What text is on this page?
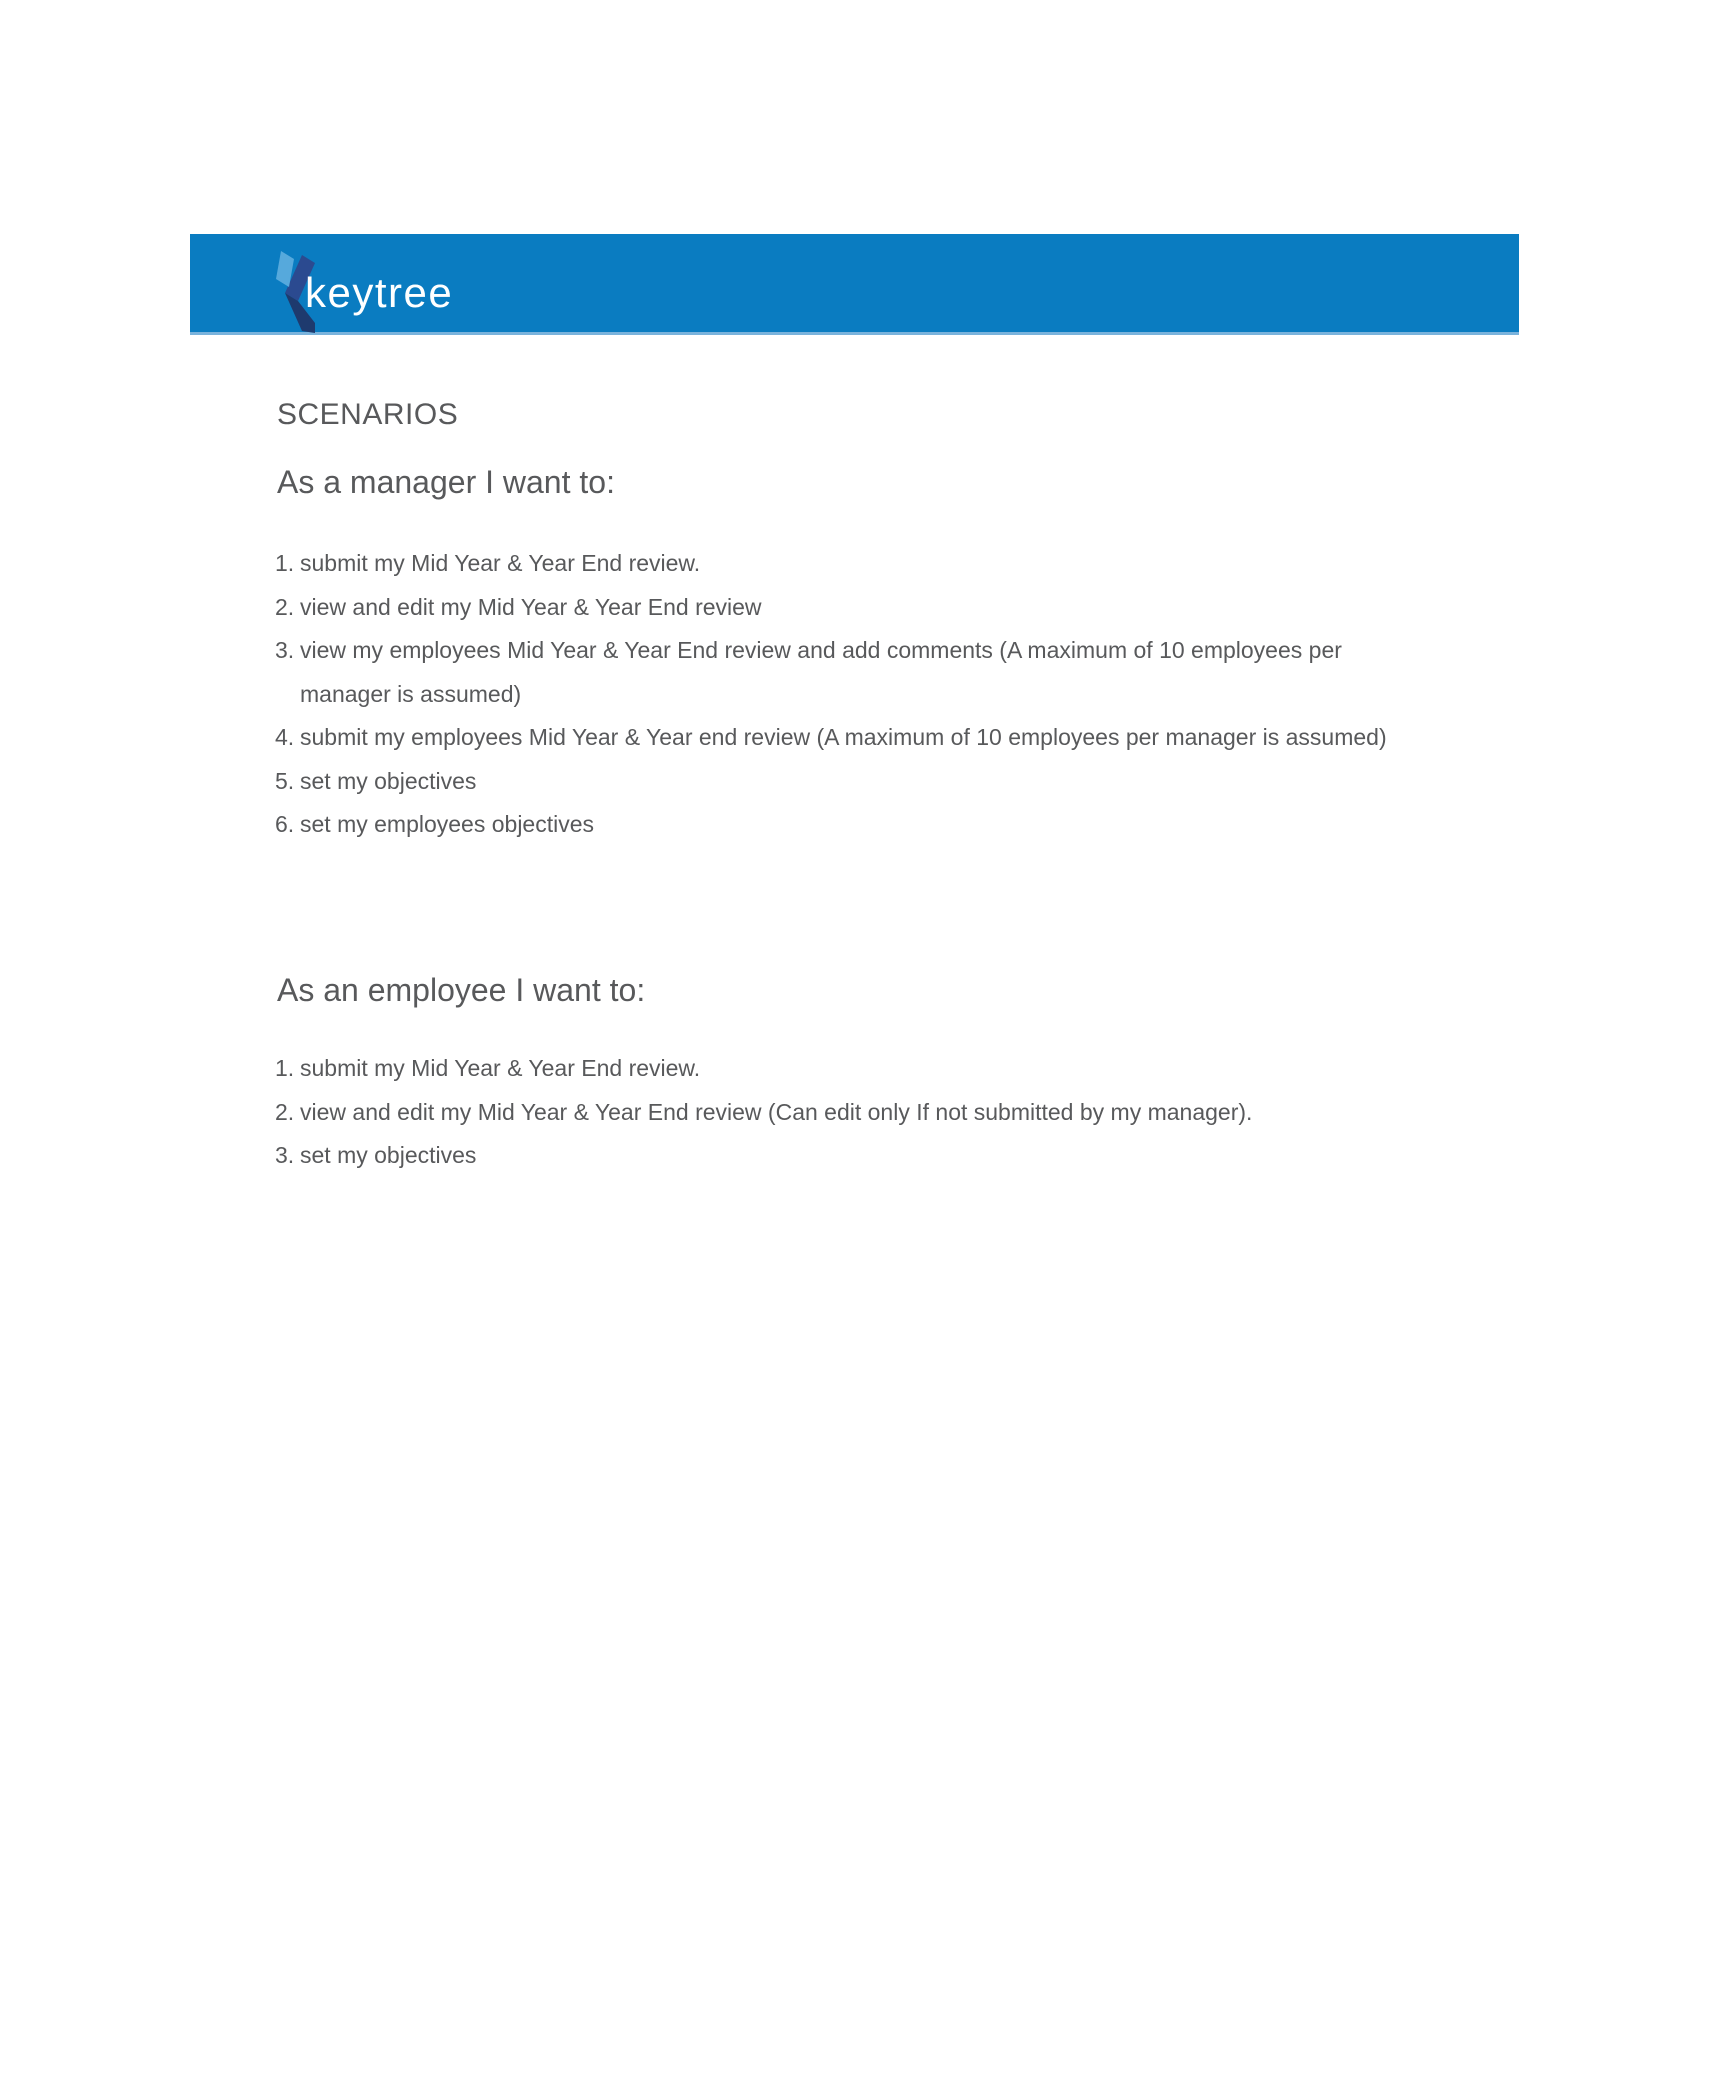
keytree
SCENARIOS
As a manager I want to:
submit my Mid Year & Year End review.
view and edit my Mid Year & Year End review
view my employees Mid Year & Year End review and add comments (A maximum of 10 employees per manager is assumed)
submit my employees Mid Year & Year end review (A maximum of 10 employees per manager is assumed)
set my objectives
set my employees objectives
As an employee I want to:
submit my Mid Year & Year End review.
view and edit my Mid Year & Year End review (Can edit only If not submitted by my manager).
set my objectives
